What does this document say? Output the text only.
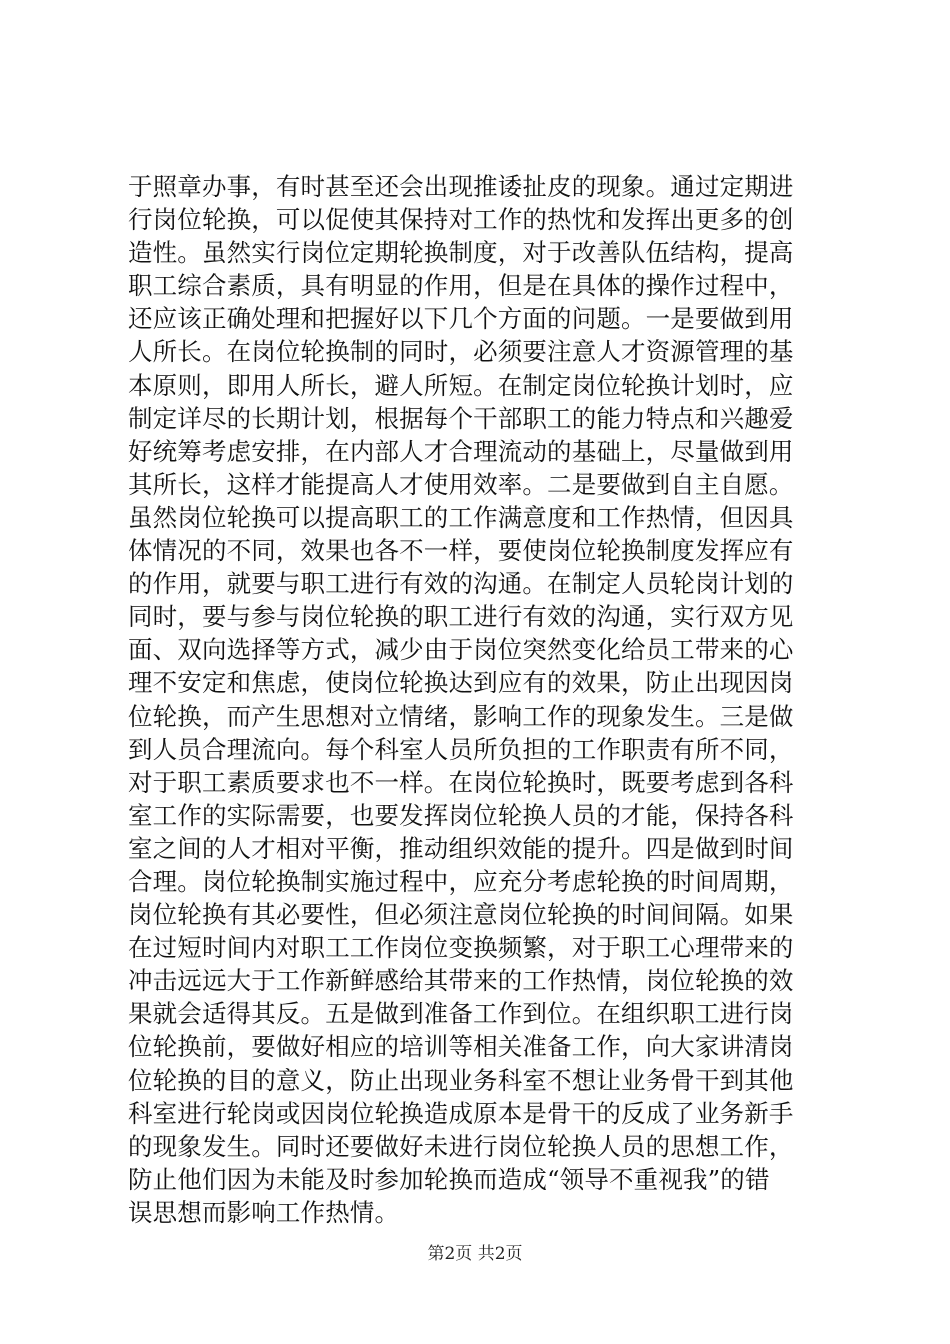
于照章办事，有时甚至还会出现推诿扯皮的现象。通过定期进
行岗位轮换，可以促使其保持对工作的热忱和发挥出更多的创
造性。虽然实行岗位定期轮换制度，对于改善队伍结构，提高
职工综合素质，具有明显的作用，但是在具体的操作过程中，
还应该正确处理和把握好以下几个方面的问题。一是要做到用
人所长。在岗位轮换制的同时，必须要注意人才资源管理的基
本原则，即用人所长，避人所短。在制定岗位轮换计划时，应
制定详尽的长期计划，根据每个干部职工的能力特点和兴趣爱
好统筹考虑安排，在内部人才合理流动的基础上，尽量做到用
其所长，这样才能提高人才使用效率。二是要做到自主自愿。
虽然岗位轮换可以提高职工的工作满意度和工作热情，但因具
体情况的不同，效果也各不一样，要使岗位轮换制度发挥应有
的作用，就要与职工进行有效的沟通。在制定人员轮岗计划的
同时，要与参与岗位轮换的职工进行有效的沟通，实行双方见
面、双向选择等方式，减少由于岗位突然变化给员工带来的心
理不安定和焦虑，使岗位轮换达到应有的效果，防止出现因岗
位轮换，而产生思想对立情绪，影响工作的现象发生。三是做
到人员合理流向。每个科室人员所负担的工作职责有所不同，
对于职工素质要求也不一样。在岗位轮换时，既要考虑到各科
室工作的实际需要，也要发挥岗位轮换人员的才能，保持各科
室之间的人才相对平衡，推动组织效能的提升。四是做到时间
合理。岗位轮换制实施过程中，应充分考虑轮换的时间周期，
岗位轮换有其必要性，但必须注意岗位轮换的时间间隔。如果
在过短时间内对职工工作岗位变换频繁，对于职工心理带来的
冲击远远大于工作新鲜感给其带来的工作热情，岗位轮换的效
果就会适得其反。五是做到准备工作到位。在组织职工进行岗
位轮换前，要做好相应的培训等相关准备工作，向大家讲清岗
位轮换的目的意义，防止出现业务科室不想让业务骨干到其他
科室进行轮岗或因岗位轮换造成原本是骨干的反成了业务新手
的现象发生。同时还要做好未进行岗位轮换人员的思想工作，
防止他们因为未能及时参加轮换而造成“领导不重视我”的错
误思想而影响工作热情。
第2页 共2页
